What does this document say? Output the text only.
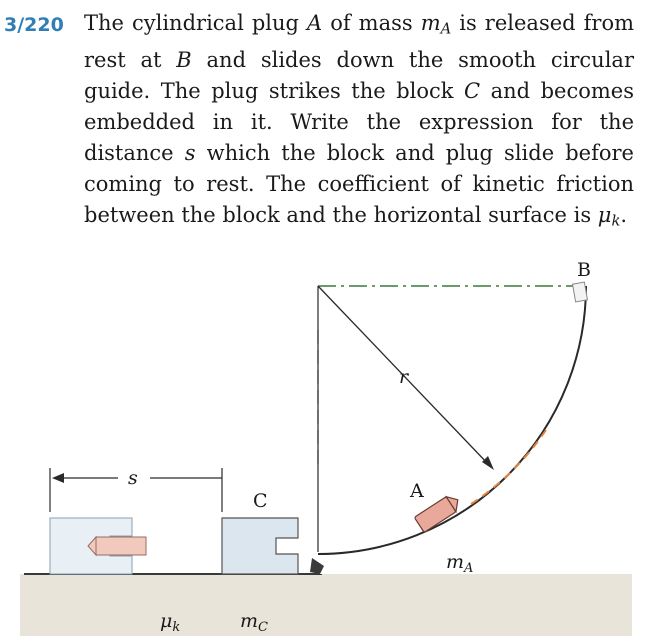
3/220 The cylindrical plug A of mass $m_A$ is released from rest at B and slides down the smooth circular guide. The plug strikes the block C and becomes embedded in it. Write the expression for the distance s which the block and plug slide before coming to rest. The coefficient of kinetic friction between the block and the horizontal surface is $\mu_k$.
B
r
A
C
s
$m_A$
$\mu_k$	$m_C$
